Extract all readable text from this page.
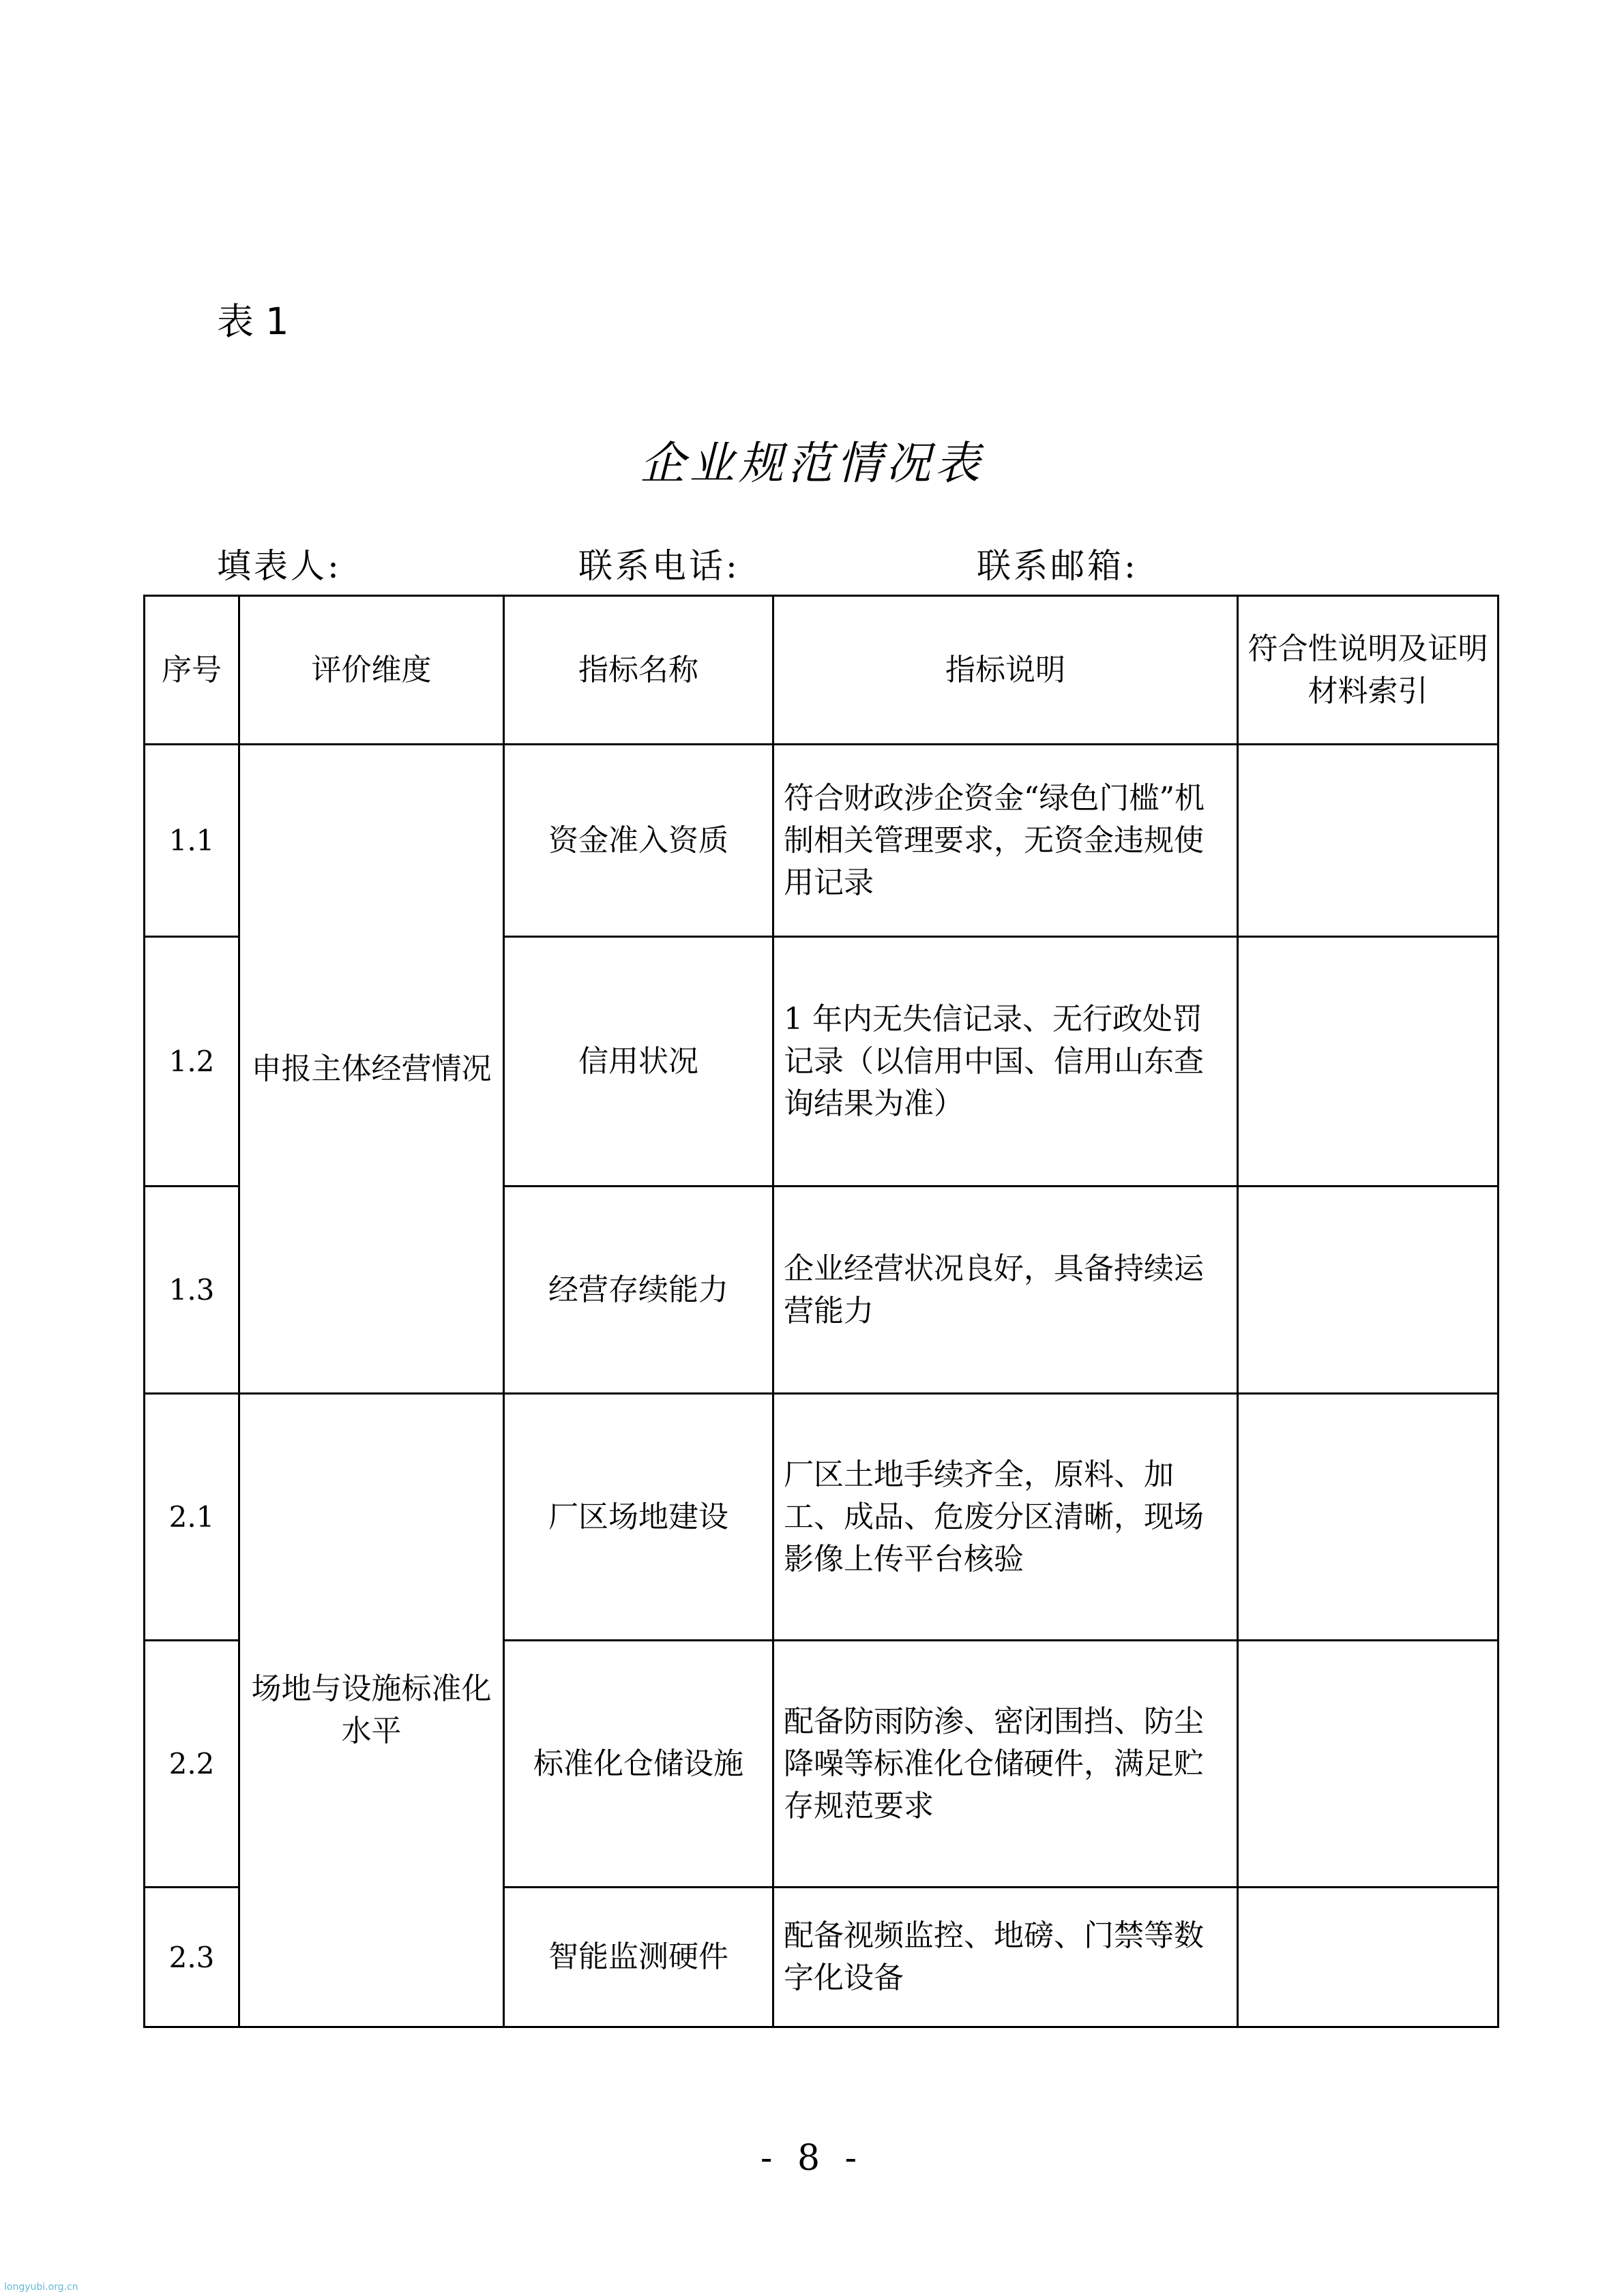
表 1
企业规范情况表
填表人:	联系电话:	联系邮箱:
序号	评价维度	指标名称	指标说明	符合性说明及证明材料索引
1.1	申报主体经营情况	资金准入资质	符合财政涉企资金“绿色门槛”机制相关管理要求，无资金违规使用记录	
1.2		信用状况	1 年内无失信记录、无行政处罚记录（以信用中国、信用山东查询结果为准）	
1.3		经营存续能力	企业经营状况良好，具备持续运营能力	
2.1	场地与设施标准化水平	厂区场地建设	厂区土地手续齐全，原料、加工、成品、危废分区清晰，现场影像上传平台核验	
2.2		标准化仓储设施	配备防雨防渗、密闭围挡、防尘降噪等标准化仓储硬件，满足贮存规范要求	
2.3		智能监测硬件	配备视频监控、地磅、门禁等数字化设备	
- 8 -
longyubi.org.cn
